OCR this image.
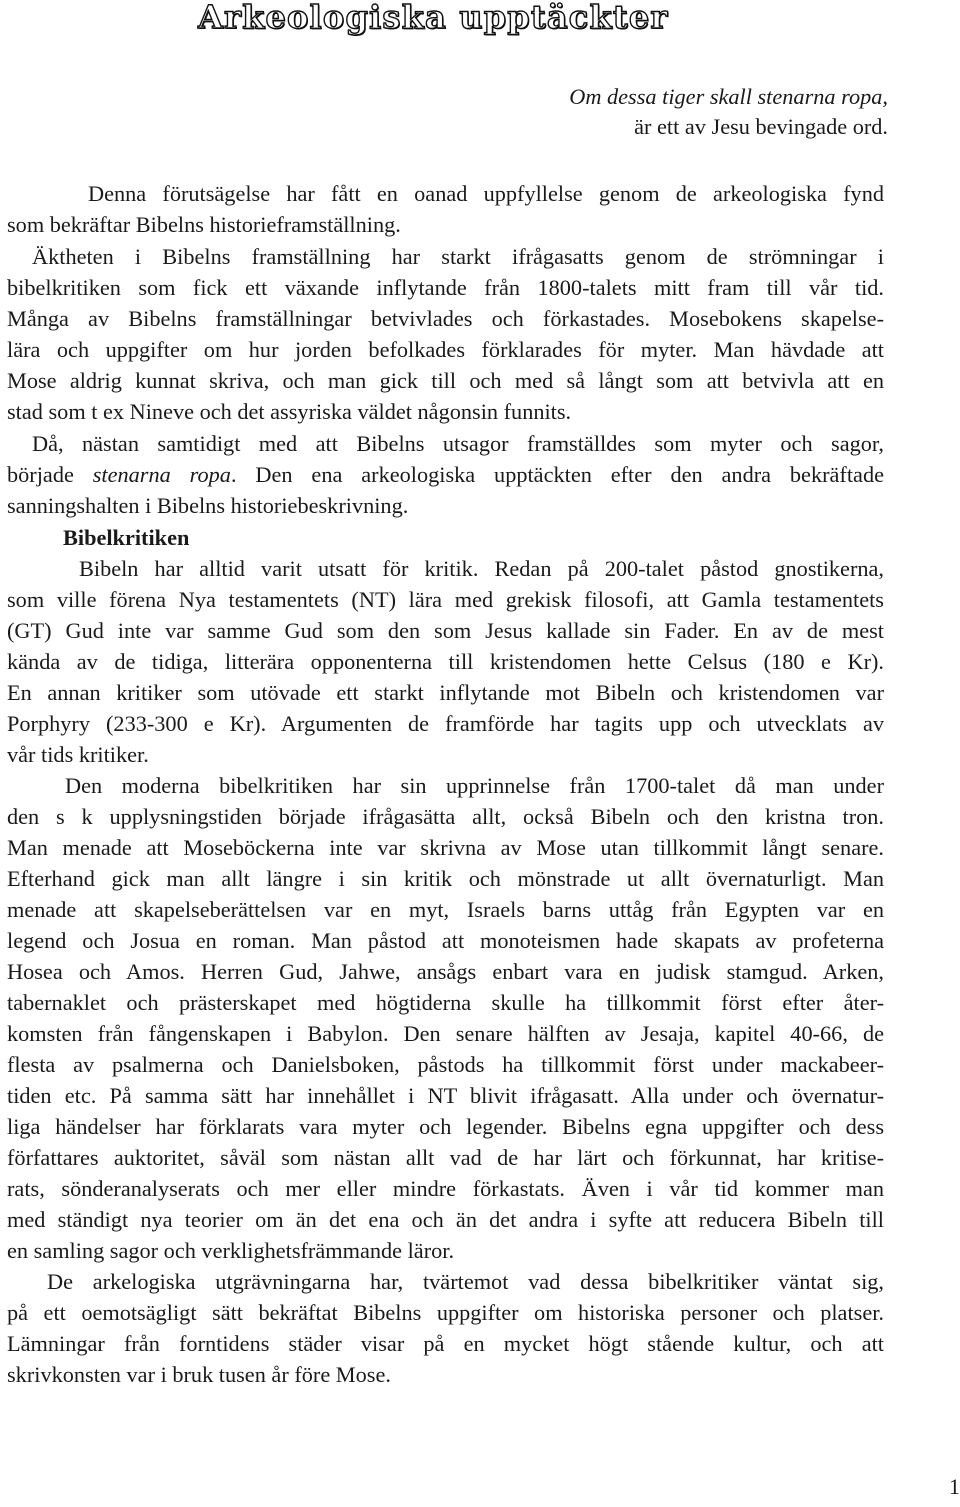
Arkeologiska upptäckter
Om dessa tiger skall stenarna ropa,
är ett av Jesu bevingade ord.
Denna förutsägelse har fått en oanad uppfyllelse genom de arkeologiska fynd
som bekräftar Bibelns historieframställning.
Äktheten i Bibelns framställning har starkt ifrågasatts genom de strömningar i
bibelkritiken som fick ett växande inflytande från 1800-talets mitt fram till vår tid.
Många av Bibelns framställningar betvivlades och förkastades. Mosebokens skapelse-
lära och uppgifter om hur jorden befolkades förklarades för myter. Man hävdade att
Mose aldrig kunnat skriva, och man gick till och med så långt som att betvivla att en
stad som t ex Nineve och det assyriska väldet någonsin funnits.
Då, nästan samtidigt med att Bibelns utsagor framställdes som myter och sagor,
började stenarna ropa. Den ena arkeologiska upptäckten efter den andra bekräftade
sanningshalten i Bibelns historiebeskrivning.
Bibelkritiken
Bibeln har alltid varit utsatt för kritik. Redan på 200-talet påstod gnostikerna,
som ville förena Nya testamentets (NT) lära med grekisk filosofi, att Gamla testamentets
(GT) Gud inte var samme Gud som den som Jesus kallade sin Fader. En av de mest
kända av de tidiga, litterära opponenterna till kristendomen hette Celsus (180 e Kr).
En annan kritiker som utövade ett starkt inflytande mot Bibeln och kristendomen var
Porphyry (233-300 e Kr). Argumenten de framförde har tagits upp och utvecklats av
vår tids kritiker.
Den moderna bibelkritiken har sin upprinnelse från 1700-talet då man under
den s k upplysningstiden började ifrågasätta allt, också Bibeln och den kristna tron.
Man menade att Moseböckerna inte var skrivna av Mose utan tillkommit långt senare.
Efterhand gick man allt längre i sin kritik och mönstrade ut allt övernaturligt. Man
menade att skapelseberättelsen var en myt, Israels barns uttåg från Egypten var en
legend och Josua en roman. Man påstod att monoteismen hade skapats av profeterna
Hosea och Amos. Herren Gud, Jahwe, ansågs enbart vara en judisk stamgud. Arken,
tabernaklet och prästerskapet med högtiderna skulle ha tillkommit först efter åter-
komsten från fångenskapen i Babylon. Den senare hälften av Jesaja, kapitel 40-66, de
flesta av psalmerna och Danielsboken, påstods ha tillkommit först under mackabeer-
tiden etc. På samma sätt har innehållet i NT blivit ifrågasatt. Alla under och övernatur-
liga händelser har förklarats vara myter och legender. Bibelns egna uppgifter och dess
författares auktoritet, såväl som nästan allt vad de har lärt och förkunnat, har kritise-
rats, sönderanalyserats och mer eller mindre förkastats. Även i vår tid kommer man
med ständigt nya teorier om än det ena och än det andra i syfte att reducera Bibeln till
en samling sagor och verklighetsfrämmande läror.
De arkelogiska utgrävningarna har, tvärtemot vad dessa bibelkritiker väntat sig,
på ett oemotsägligt sätt bekräftat Bibelns uppgifter om historiska personer och platser.
Lämningar från forntidens städer visar på en mycket högt stående kultur, och att
skrivkonsten var i bruk tusen år före Mose.
1
